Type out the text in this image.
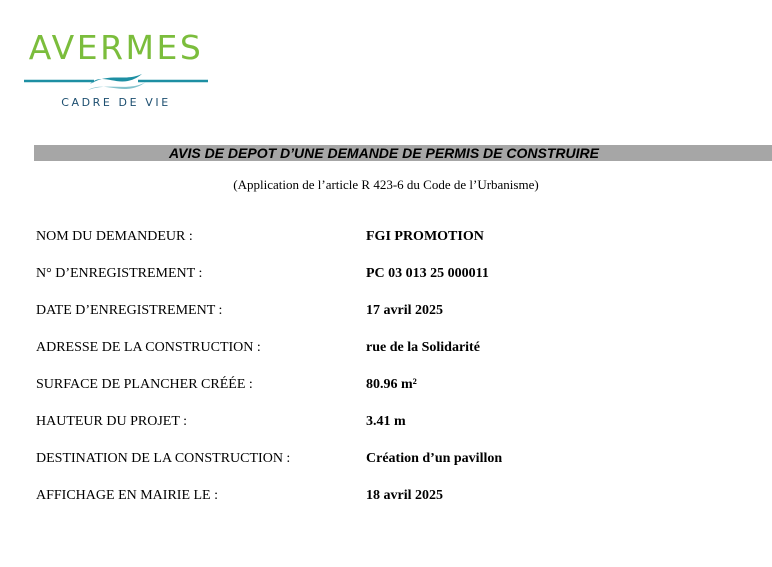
AVERMES
CADRE DE VIE
AVIS DE DEPOT D’UNE DEMANDE DE PERMIS DE CONSTRUIRE
(Application de l’article R 423-6 du Code de l’Urbanisme)
NOM DU DEMANDEUR :	FGI PROMOTION
N° D’ENREGISTREMENT :	PC 03 013 25 000011
DATE D’ENREGISTREMENT :	17 avril 2025
ADRESSE DE LA CONSTRUCTION :	rue de la Solidarité
SURFACE DE PLANCHER CRÉÉE :	80.96 m²
HAUTEUR DU PROJET :	3.41 m
DESTINATION DE LA CONSTRUCTION :	Création d’un pavillon
AFFICHAGE EN MAIRIE LE :	18 avril 2025
